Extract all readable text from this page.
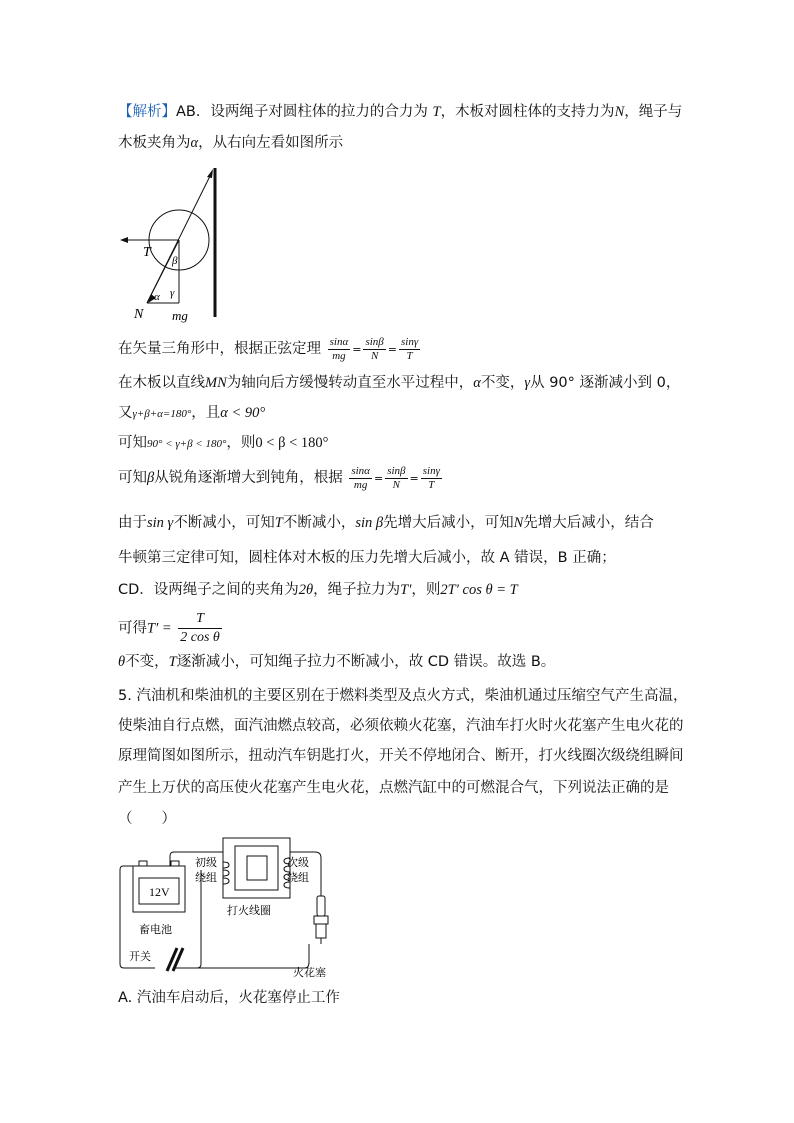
【解析】AB．设两绳子对圆柱体的拉力的合力为 T，木板对圆柱体的支持力为N，绳子与
木板夹角为α，从右向左看如图所示
T
N mg
α
β
γ
在矢量三角形中，根据正弦定理 $\frac{\sin\alpha}{mg} = \frac{\sin\beta}{N} = \frac{\sin\gamma}{T}$
在木板以直线MN为轴向后方缓慢转动直至水平过程中，α不变，γ从 90° 逐渐减小到 0，
又γ+β+α=180°，且α < 90°
可知90° < γ+β < 180°，则0 < β < 180°
可知β从锐角逐渐增大到钝角，根据 $\frac{\sin\alpha}{mg} = \frac{\sin\beta}{N} = \frac{\sin\gamma}{T}$
由于sin γ不断减小，可知T不断减小，sin β先增大后减小，可知N先增大后减小，结合
牛顿第三定律可知，圆柱体对木板的压力先增大后减小，故 A 错误，B 正确；
CD．设两绳子之间的夹角为2θ，绳子拉力为T′，则2T′ cos θ = T
可得$T' = \frac{T}{\text{2 cos θ}}$
θ不变，T逐渐减小，可知绳子拉力不断减小，故 CD 错误。故选 B。
5. 汽油机和柴油机的主要区别在于燃料类型及点火方式，柴油机通过压缩空气产生高温，
使柴油自行点燃，面汽油燃点较高，必须依赖火花塞，汽油车打火时火花塞产生电火花的
原理简图如图所示，扭动汽车钥匙打火，开关不停地闭合、断开，打火线圈次级绕组瞬间
产生上万伏的高压使火花塞产生电火花，点燃汽缸中的可燃混合气，下列说法正确的是
（　　）
12V
畜电池
开关
初级
绕组
次级
绕组
打火线圈
火花塞
A. 汽油车启动后，火花塞停止工作
